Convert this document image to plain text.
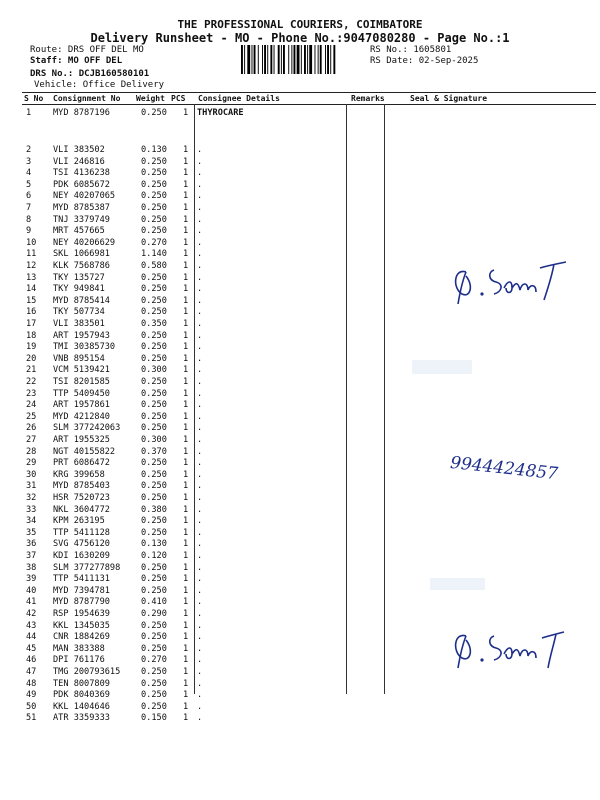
THE PROFESSIONAL COURIERS, COIMBATORE
Delivery Runsheet - MO - Phone No.:9047080280 - Page No.:1
Route: DRS OFF DEL MO
Staff: MO OFF DEL
DRS No.: DCJB160580101
Vehicle: Office Delivery
RS No.: 1605801
RS Date: 02-Sep-2025
S No Consignment No Weight PCS Consignee Details	Remarks	Seal & Signature
1	MYD 8787196	0.250 1 THYROCARE
2	VLI 383502	0.130 1 .
3	VLI 246816	0.250 1 .
4	TSI 4136238	0.250 1 .
5	PDK 6085672	0.250 1 .
6	NEY 40207065	0.250 1 .
7	MYD 8785387	0.250 1 .
8	TNJ 3379749	0.250 1 .
9	MRT 457665	0.250 1 .
10 NEY 40206629	0.270 1 .
11 SKL 1066981	1.140 1 .
12 KLK 7568786	0.580 1 .
13 TKY 135727	0.250 1 .
14 TKY 949841	0.250 1 .
15 MYD 8785414	0.250 1 .
16 TKY 507734	0.250 1 .
17 VLI 383501	0.350 1 .
18 ART 1957943	0.250 1 .
19 TMI 30385730	0.250 1 .
20 VNB 895154	0.250 1 .
21 VCM 5139421	0.300 1 .
22 TSI 8201585	0.250 1 .
23 TTP 5409450	0.250 1 .
24 ART 1957861	0.250 1 .
25 MYD 4212840	0.250 1 .
26 SLM 377242063 0.250 1 .
27 ART 1955325	0.300 1 .
28 NGT 40155822	0.370 1 .
29 PRT 6086472	0.250 1 .
30 KRG 399658	0.250 1 .
31 MYD 8785403	0.250 1 .
32 HSR 7520723	0.250 1 .
33 NKL 3604772	0.380 1 .
34 KPM 263195	0.250 1 .
35 TTP 5411128	0.250 1 .
36 SVG 4756120	0.130 1 .
37 KDI 1630209	0.120 1 .
38 SLM 377277898 0.250 1 .
39 TTP 5411131	0.250 1 .
40 MYD 7394781	0.250 1 .
41 MYD 8787790	0.410 1 .
42 RSP 1954639	0.290 1 .
43 KKL 1345035	0.250 1 .
44 CNR 1884269	0.250 1 .
45 MAN 383388	0.250 1 .
46 DPI 761176	0.270 1 .
47 TMG 200793615 0.250 1 .
48 TEN 8007809	0.250 1 .
49 PDK 8040369	0.250 1 .
50 KKL 1404646	0.250 1 .
51 ATR 3359333	0.150 1 .
9944424857
